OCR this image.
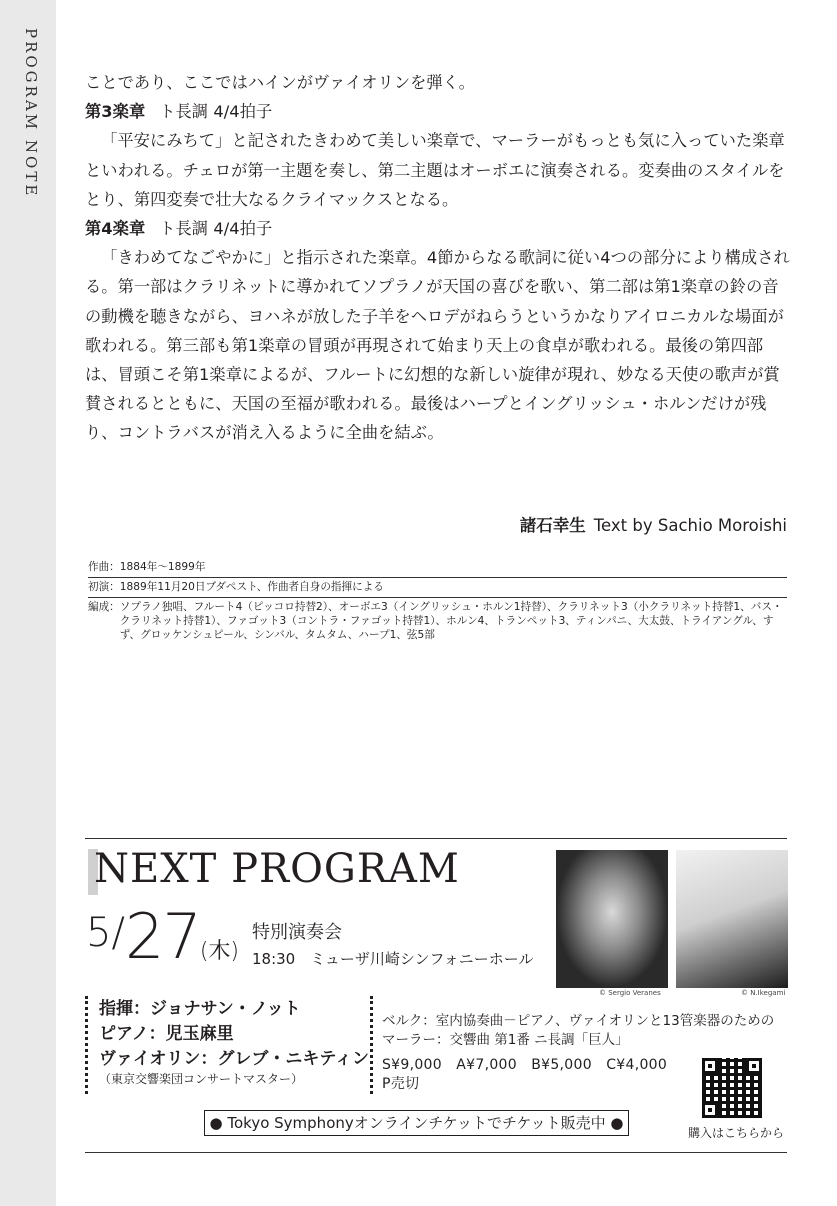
PROGRAM NOTE	ことであり、ここではハインがヴァイオリンを弾く。

第3楽章 ト長調 4/4拍子

「平安にみちて」と記されたきわめて美しい楽章で、マーラーがもっとも気に入っていた楽章といわれる。チェロが第一主題を奏し、第二主題はオーボエに演奏される。変奏曲のスタイルをとり、第四変奏で壮大なるクライマックスとなる。

第4楽章 ト長調 4/4拍子

「きわめてなごやかに」と指示された楽章。4節からなる歌詞に従い4つの部分により構成される。第一部はクラリネットに導かれてソプラノが天国の喜びを歌い、第二部は第1楽章の鈴の音の動機を聴きながら、ヨハネが放した子羊をヘロデがねらうというかなりアイロニカルな場面が歌われる。第三部も第1楽章の冒頭が再現されて始まり天上の食卓が歌われる。最後の第四部は、冒頭こそ第1楽章によるが、フルートに幻想的な新しい旋律が現れ、妙なる天使の歌声が賞賛されるとともに、天国の至福が歌われる。最後はハープとイングリッシュ・ホルンだけが残り、コントラバスが消え入るように全曲を結ぶ。

諸石幸生 Text by Sachio Moroishi
作曲： 1884年～1899年
初演： 1889年11月20日ブダペスト、作曲者自身の指揮による
編成： ソプラノ独唱、フルート4（ピッコロ持替2）、オーボエ3（イングリッシュ・ホルン1持替）、クラリネット3（小クラリネット持替1、バス・クラリネット持替1）、ファゴット3（コントラ・ファゴット持替1）、ホルン4、トランペット3、ティンパニ、大太鼓、トライアングル、すず、グロッケンシュピール、シンバル、タムタム、ハープ1、弦5部
NEXT PROGRAM
5/27(木)
特別演奏会
18:30　ミューザ川崎シンフォニーホール
© Sergio Veranes	© N.Ikegami
指揮：ジョナサン・ノット
ピアノ：児玉麻里
ヴァイオリン：グレブ・ニキティン
（東京交響楽団コンサートマスター）
ベルク：室内協奏曲－ピアノ、ヴァイオリンと13管楽器のための
マーラー：交響曲 第1番 ニ長調「巨人」
S¥9,000　A¥7,000　B¥5,000　C¥4,000
P売切
購入はこちらから
● Tokyo Symphonyオンラインチケットでチケット販売中 ●
